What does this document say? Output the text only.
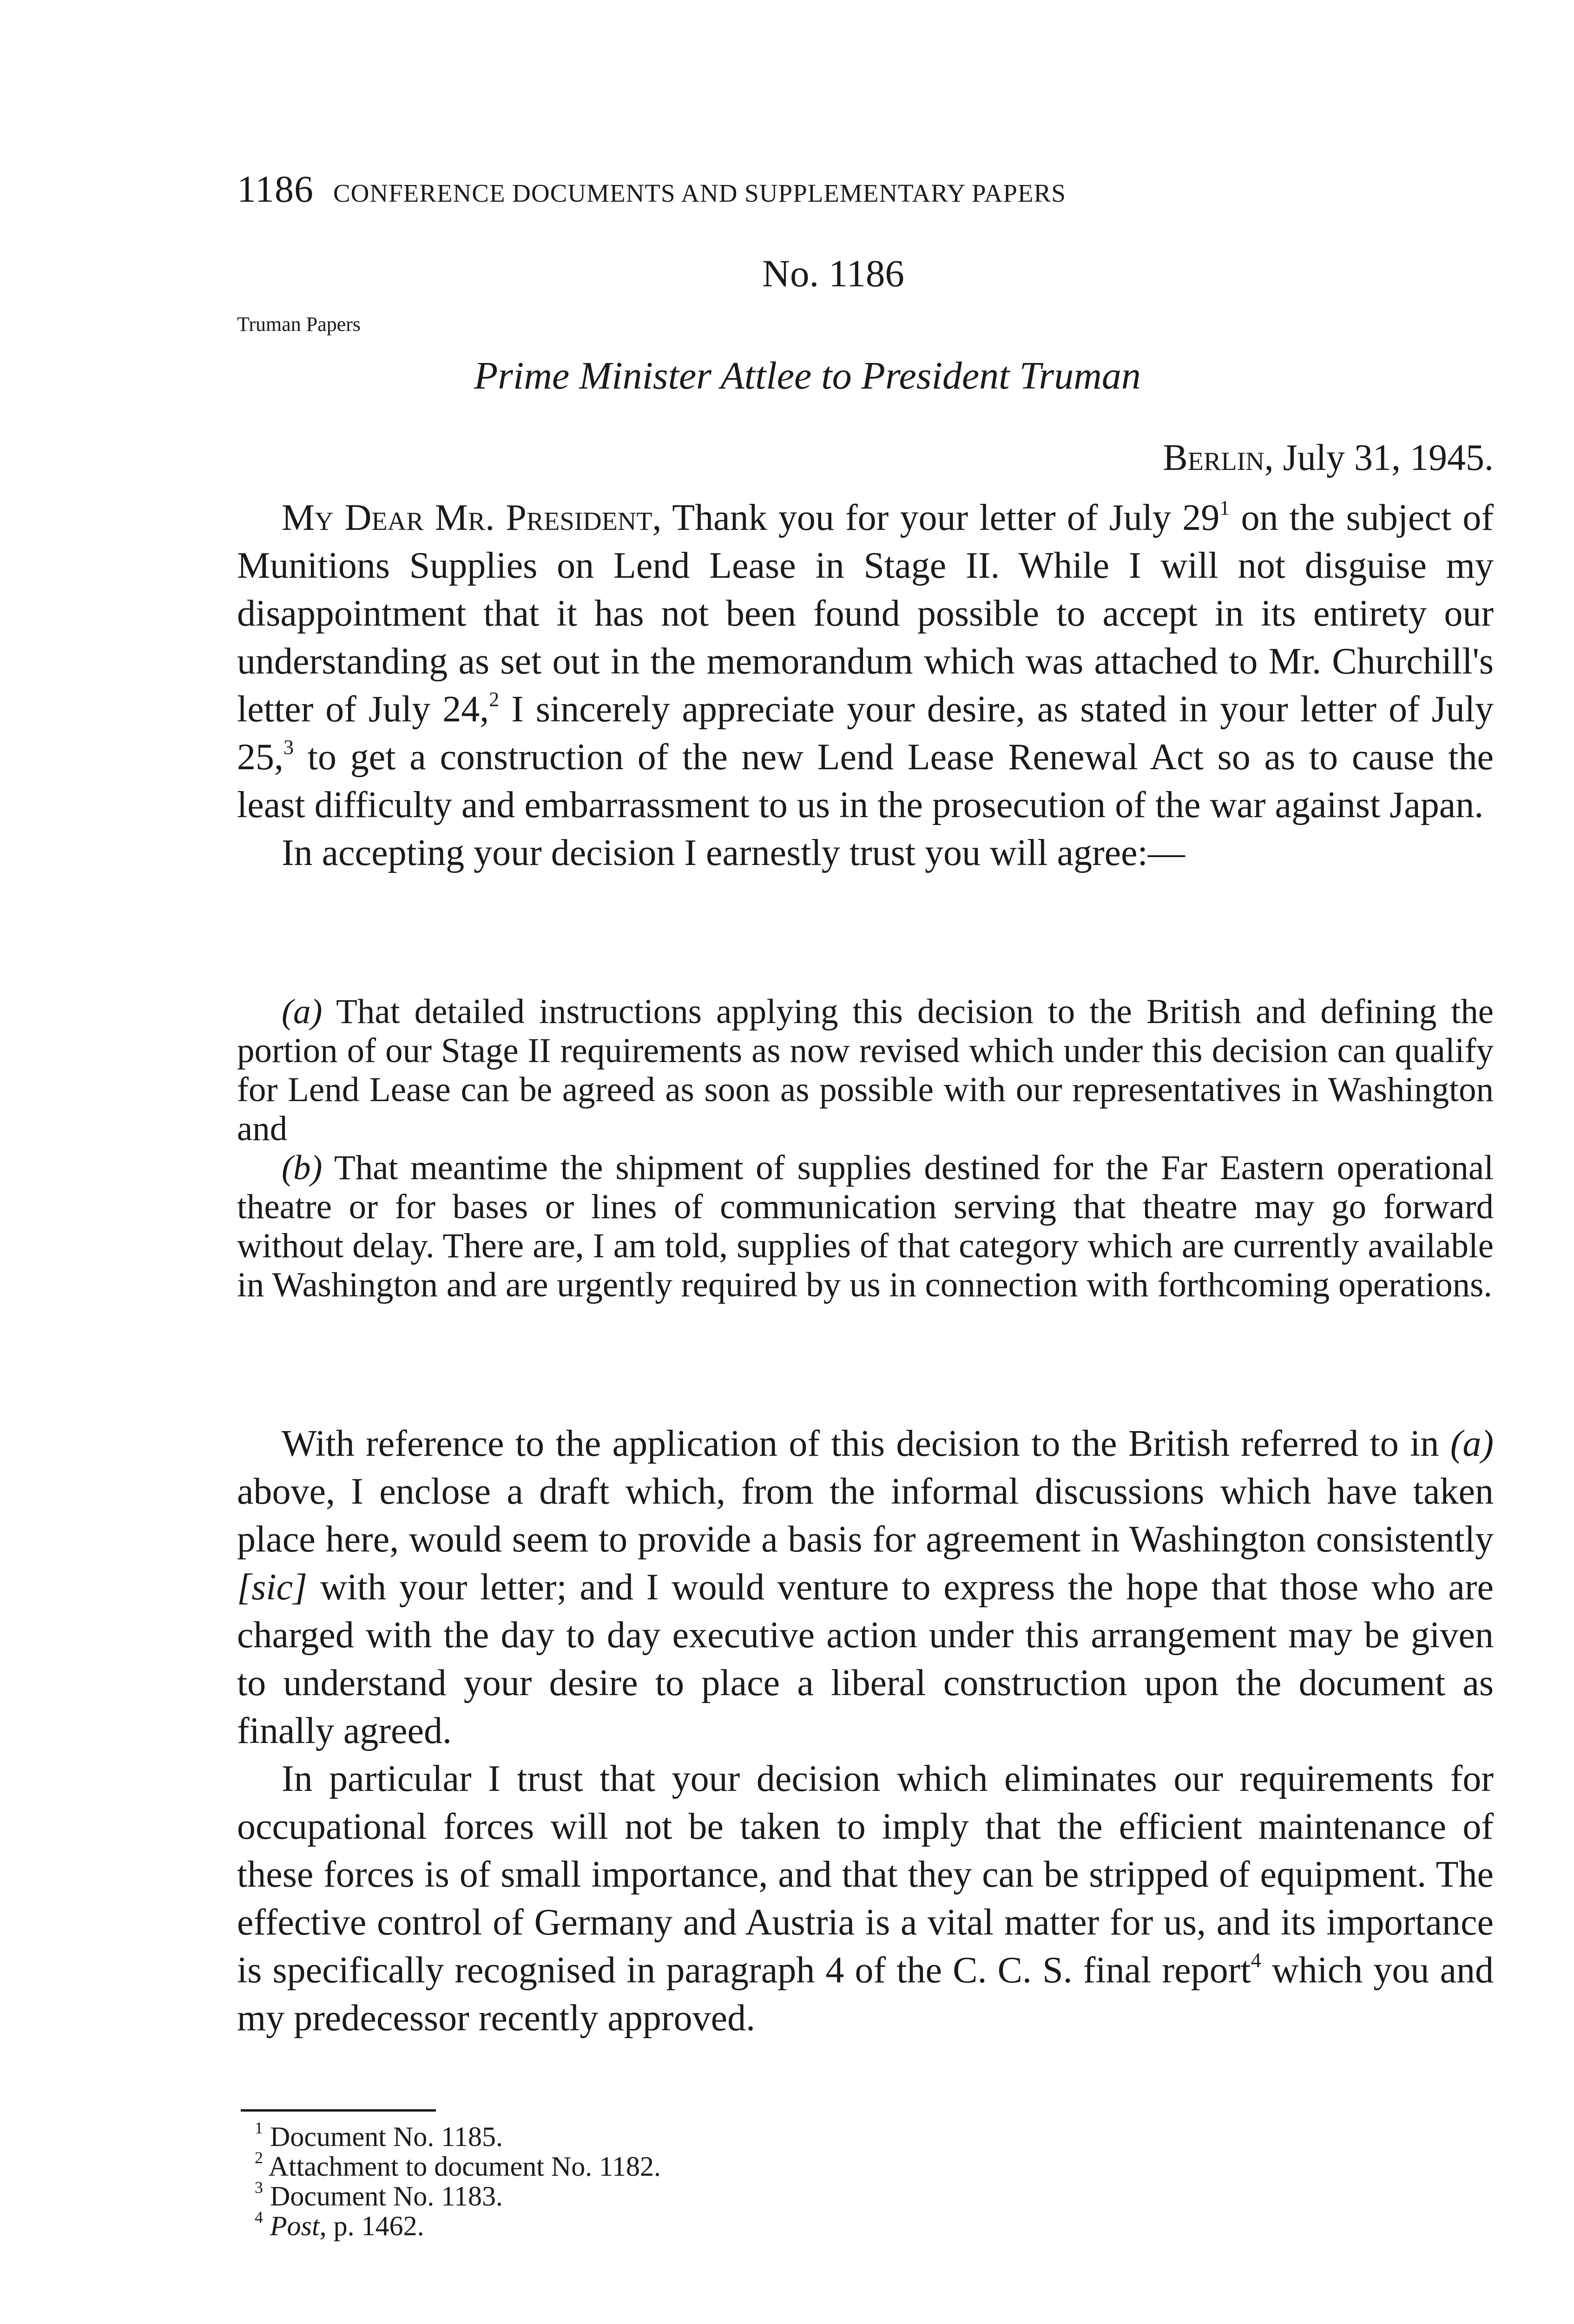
1186 CONFERENCE DOCUMENTS AND SUPPLEMENTARY PAPERS
No. 1186
Truman Papers
Prime Minister Attlee to President Truman
Berlin, July 31, 1945.

My Dear Mr. President, Thank you for your letter of July $29^1$ on the subject of Munitions Supplies on Lend Lease in Stage II. While I will not disguise my disappointment that it has not been found possible to accept in its entirety our understanding as set out in the memorandum which was attached to Mr. Churchill's letter of July 24,$^2$ I sincerely appreciate your desire, as stated in your letter of July 25,$^3$ to get a construction of the new Lend Lease Renewal Act so as to cause the least difficulty and embarrassment to us in the prosecution of the war against Japan.

In accepting your decision I earnestly trust you will agree:—

(a) That detailed instructions applying this decision to the British and defining the portion of our Stage II requirements as now revised which under this decision can qualify for Lend Lease can be agreed as soon as possible with our representatives in Washington and

(b) That meantime the shipment of supplies destined for the Far Eastern operational theatre or for bases or lines of communication serving that theatre may go forward without delay. There are, I am told, supplies of that category which are currently available in Washington and are urgently required by us in connection with forthcoming operations.

With reference to the application of this decision to the British referred to in (a) above, I enclose a draft which, from the informal discussions which have taken place here, would seem to provide a basis for agreement in Washington consistently [sic] with your letter; and I would venture to express the hope that those who are charged with the day to day executive action under this arrangement may be given to understand your desire to place a liberal construction upon the document as finally agreed.

In particular I trust that your decision which eliminates our requirements for occupational forces will not be taken to imply that the efficient maintenance of these forces is of small importance, and that they can be stripped of equipment. The effective control of Germany and Austria is a vital matter for us, and its importance is specifically recognised in paragraph 4 of the C. C. S. final report$^4$ which you and my predecessor recently approved.

$^1$ Document No. 1185.
$^2$ Attachment to document No. 1182.
$^3$ Document No. 1183.
$^4$ Post, p. 1462.
